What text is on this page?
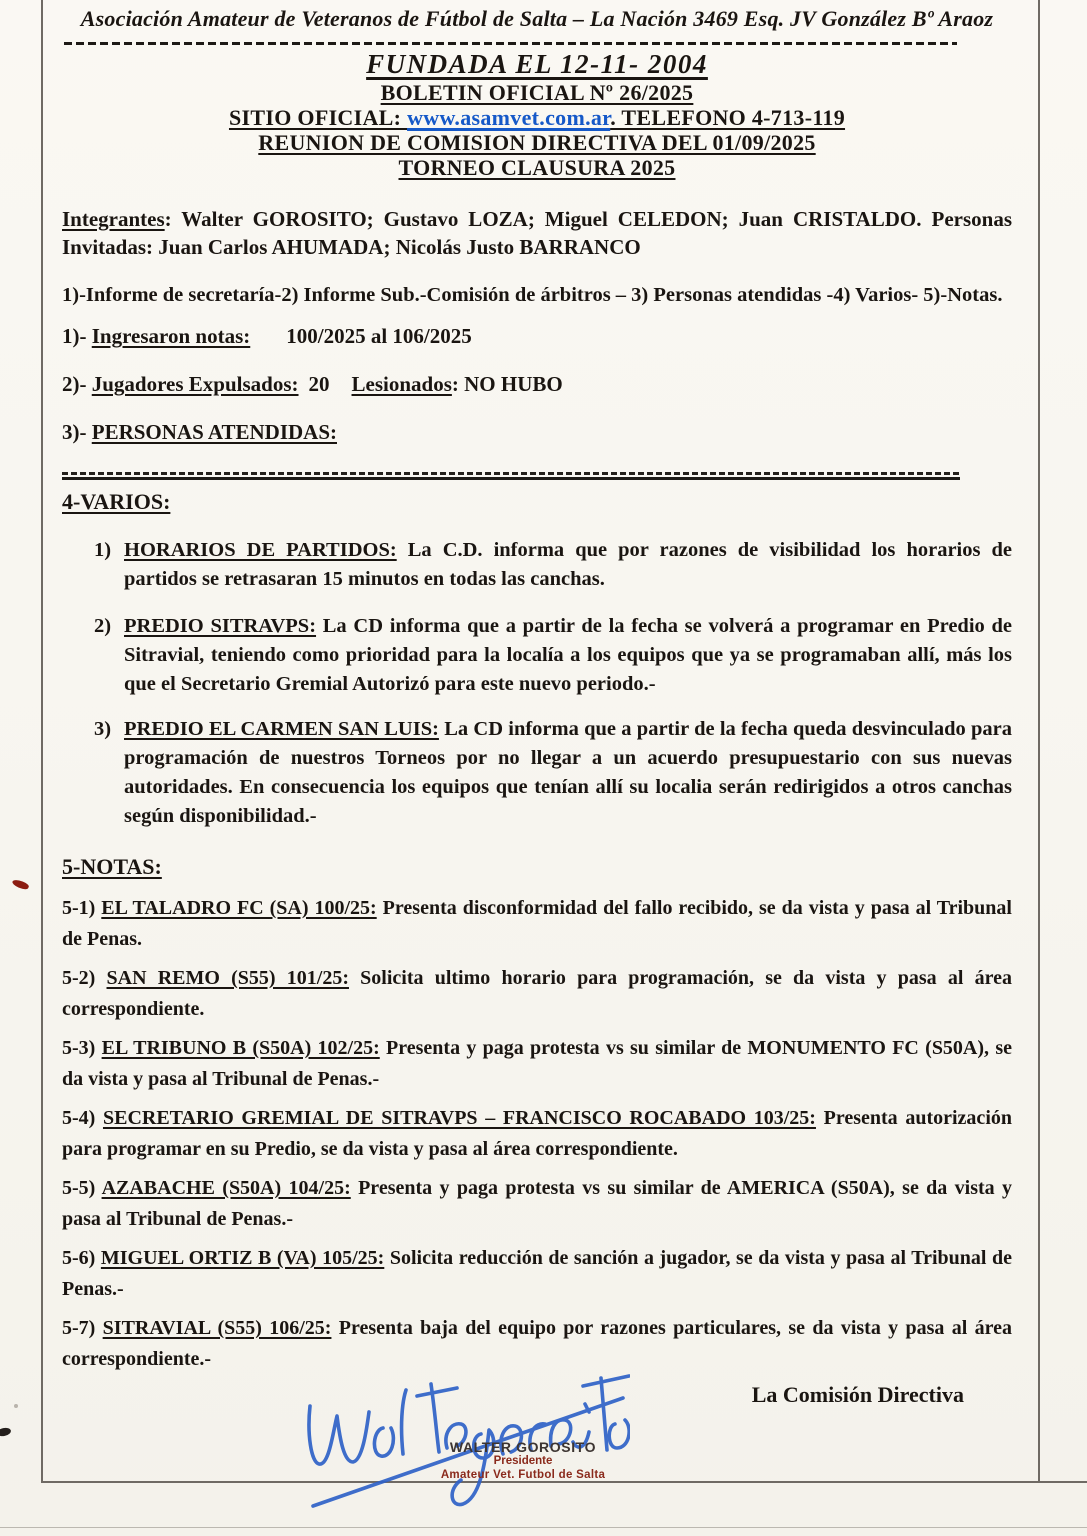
Asociación Amateur de Veteranos de Fútbol de Salta – La Nación 3469 Esq. JV González Bº Araoz
FUNDADA EL 12-11- 2004
BOLETIN OFICIAL Nº 26/2025
SITIO OFICIAL: www.asamvet.com.ar. TELEFONO 4-713-119
REUNION DE COMISION DIRECTIVA DEL 01/09/2025
TORNEO CLAUSURA 2025

Integrantes: Walter GOROSITO; Gustavo LOZA; Miguel CELEDON; Juan CRISTALDO. Personas Invitadas: Juan Carlos AHUMADA; Nicolás Justo BARRANCO

1)-Informe de secretaría-2) Informe Sub.-Comisión de árbitros – 3) Personas atendidas -4) Varios- 5)-Notas.

1)- Ingresaron notas: 100/2025 al 106/2025

2)- Jugadores Expulsados: 20 Lesionados: NO HUBO

3)- PERSONAS ATENDIDAS:

4-VARIOS:
1) HORARIOS DE PARTIDOS: La C.D. informa que por razones de visibilidad los horarios de partidos se retrasaran 15 minutos en todas las canchas.

2) PREDIO SITRAVPS: La CD informa que a partir de la fecha se volverá a programar en Predio de Sitravial, teniendo como prioridad para la localía a los equipos que ya se programaban allí, más los que el Secretario Gremial Autorizó para este nuevo periodo.-

3) PREDIO EL CARMEN SAN LUIS: La CD informa que a partir de la fecha queda desvinculado para programación de nuestros Torneos por no llegar a un acuerdo presupuestario con sus nuevas autoridades. En consecuencia los equipos que tenían allí su localia serán redirigidos a otros canchas según disponibilidad.-

5-NOTAS:

5-1) EL TALADRO FC (SA) 100/25: Presenta disconformidad del fallo recibido, se da vista y pasa al Tribunal de Penas.

5-2) SAN REMO (S55) 101/25: Solicita ultimo horario para programación, se da vista y pasa al área correspondiente.

5-3) EL TRIBUNO B (S50A) 102/25: Presenta y paga protesta vs su similar de MONUMENTO FC (S50A), se da vista y pasa al Tribunal de Penas.-

5-4) SECRETARIO GREMIAL DE SITRAVPS – FRANCISCO ROCABADO 103/25: Presenta autorización para programar en su Predio, se da vista y pasa al área correspondiente.

5-5) AZABACHE (S50A) 104/25: Presenta y paga protesta vs su similar de AMERICA (S50A), se da vista y pasa al Tribunal de Penas.-

5-6) MIGUEL ORTIZ B (VA) 105/25: Solicita reducción de sanción a jugador, se da vista y pasa al Tribunal de Penas.-

5-7) SITRAVIAL (S55) 106/25: Presenta baja del equipo por razones particulares, se da vista y pasa al área correspondiente.-

La Comisión Directiva
WALTER GOROSITO
Presidente
Amateur Vet. Futbol de Salta
